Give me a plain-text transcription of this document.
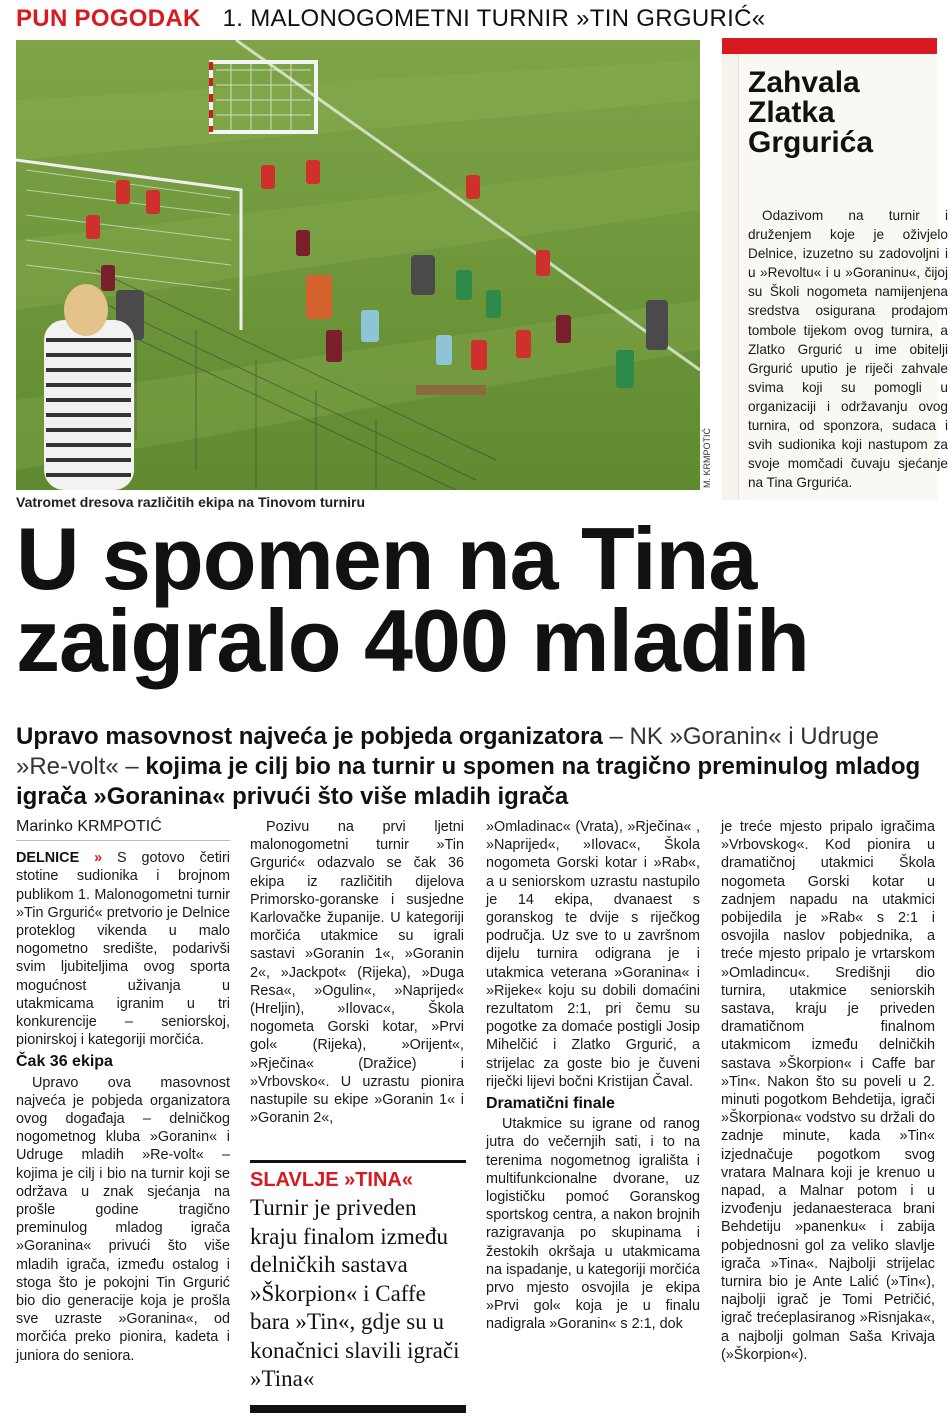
PUN POGODAK 1. MALONOGOMETNI TURNIR »TIN GRGURIĆ«
M. KRMPOTIĆ
Vatromet dresova različitih ekipa na Tinovom turniru
Zahvala Zlatka Grgurića
Odazivom na turnir i druženjem koje je oživjelo Delnice, izuzetno su zadovoljni i u »Revoltu« i u »Goraninu«, čijoj su Školi nogometa namijenjena sredstva osigurana prodajom tombole tijekom ovog turnira, a Zlatko Grgurić u ime obitelji Grgurić uputio je riječi zahvale svima koji su pomogli u organizaciji i održavanju ovog turnira, od sponzora, sudaca i svih sudionika koji nastupom za svoje momčadi čuvaju sjećanje na Tina Grgurića.
U spomen na Tina
zaigralo 400 mladih
Upravo masovnost najveća je pobjeda organizatora – NK »Goranin« i Udruge »Re-volt« – kojima je cilj bio na turnir u spomen na tragično preminulog mladog igrača »Goranina« privući što više mladih igrača
Marinko KRMPOTIĆ

DELNICE » S gotovo četiri stotine sudionika i brojnom publikom 1. Malonogometni turnir »Tin Grgurić« pretvorio je Delnice proteklog vikenda u malo nogometno središte, podarivši svim ljubiteljima ovog sporta mogućnost uživanja u utakmicama igranim u tri konkurencije – seniorskoj, pionirskoj i kategoriji morčića.

Čak 36 ekipa

Upravo ova masovnost najveća je pobjeda organizatora ovog događaja – delničkog nogometnog kluba »Goranin« i Udruge mladih »Re-volt« – kojima je cilj i bio na turnir koji se održava u znak sjećanja na prošle godine tragično preminulog mladog igrača »Goranina« privući što više mladih igrača, između ostalog i stoga što je pokojni Tin Grgurić bio dio generacije koja je prošla sve uzraste »Goranina«, od morčića preko pionira, kadeta i juniora do seniora.

Pozivu na prvi ljetni malonogometni turnir »Tin Grgurić« odazvalo se čak 36 ekipa iz različitih dijelova Primorsko-goranske i susjedne Karlovačke županije. U kategoriji morčića utakmice su igrali sastavi »Goranin 1«, »Goranin 2«, »Jackpot« (Rijeka), »Duga Resa«, »Ogulin«, »Naprijed« (Hreljin), »Ilovac«, Škola nogometa Gorski kotar, »Prvi gol« (Rijeka), »Orijent«, »Rječina« (Dražice) i »Vrbovsko«. U uzrastu pionira nastupile su ekipe »Goranin 1« i »Goranin 2«,

SLAVLJE »TINA«
Turnir je priveden kraju finalom između delničkih sastava »Škorpion« i Caffe bara »Tin«, gdje su u konačnici slavili igrači »Tina«

»Omladinac« (Vrata), »Rječina« , »Naprijed«, »Ilovac«, Škola nogometa Gorski kotar i »Rab«, a u seniorskom uzrastu nastupilo je 14 ekipa, dvanaest s goranskog te dvije s riječkog područja. Uz sve to u završnom dijelu turnira odigrana je i utakmica veterana »Goranina« i »Rijeke« koju su dobili domaćini rezultatom 2:1, pri čemu su pogotke za domaće postigli Josip Mihelčić i Zlatko Grgurić, a strijelac za goste bio je čuveni riječki lijevi bočni Kristijan Čaval.

Dramatični finale

Utakmice su igrane od ranog jutra do večernjih sati, i to na terenima nogometnog igrališta i multifunkcionalne dvorane, uz logističku pomoć Goranskog sportskog centra, a nakon brojnih razigravanja po skupinama i žestokih okršaja u utakmicama na ispadanje, u kategoriji morčića prvo mjesto osvojila je ekipa »Prvi gol« koja je u finalu nadigrala »Goranin« s 2:1, dok

je treće mjesto pripalo igračima »Vrbovskog«. Kod pionira u dramatičnoj utakmici Škola nogometa Gorski kotar u zadnjem napadu na utakmici pobijedila je »Rab« s 2:1 i osvojila naslov pobjednika, a treće mjesto pripalo je vrtarskom »Omladincu«. Središnji dio turnira, utakmice seniorskih sastava, kraju je priveden dramatičnom finalnom utakmicom između delničkih sastava »Škorpion« i Caffe bar »Tin«. Nakon što su poveli u 2. minuti pogotkom Behdetija, igrači »Škorpiona« vodstvo su držali do zadnje minute, kada »Tin« izjednačuje pogotkom svog vratara Malnara koji je krenuo u napad, a Malnar potom i u izvođenju jedanaesteraca brani Behdetiju »panenku« i zabija pobjednosni gol za veliko slavlje igrača »Tina«. Najbolji strijelac turnira bio je Ante Lalić (»Tin«), najbolji igrač je Tomi Petričić, igrač trećeplasiranog »Risnjaka«, a najbolji golman Saša Krivaja (»Škorpion«).
